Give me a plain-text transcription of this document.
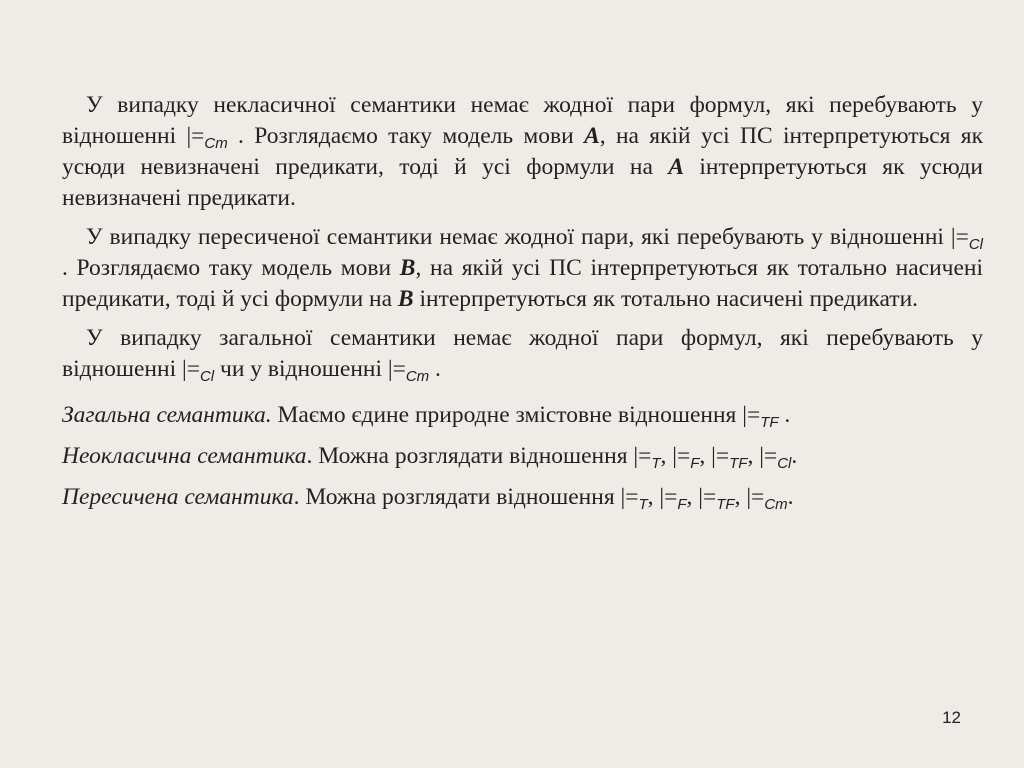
У випадку некласичної семантики немає жодної пари формул, які перебувають у відношенні $|=_{Cm}$ . Розглядаємо таку модель мови A, на якій усі ПС інтерпретуються як усюди невизначені предикати, тоді й усі формули на A інтерпретуються як усюди невизначені предикати.

У випадку пересиченої семантики немає жодної пари, які перебувають у відношенні $|=_{Cl}$ . Розглядаємо таку модель мови B, на якій усі ПС інтерпретуються як тотально насичені предикати, тоді й усі формули на B інтерпретуються як тотально насичені предикати.

У випадку загальної семантики немає жодної пари формул, які перебувають у відношенні $|=_{Cl}$ чи у відношенні $|=_{Cm}$ .

Загальна семантика. Маємо єдине природне змістовне відношення $|=_{TF}$ .

Неокласична семантика. Можна розглядати відношення $|=_T$, $|=_F$, $|=_{TF}$, $|=_{Cl}$.

Пересичена семантика. Можна розглядати відношення $|=_T$, $|=_F$, $|=_{TF}$, $|=_{Cm}$.

12
